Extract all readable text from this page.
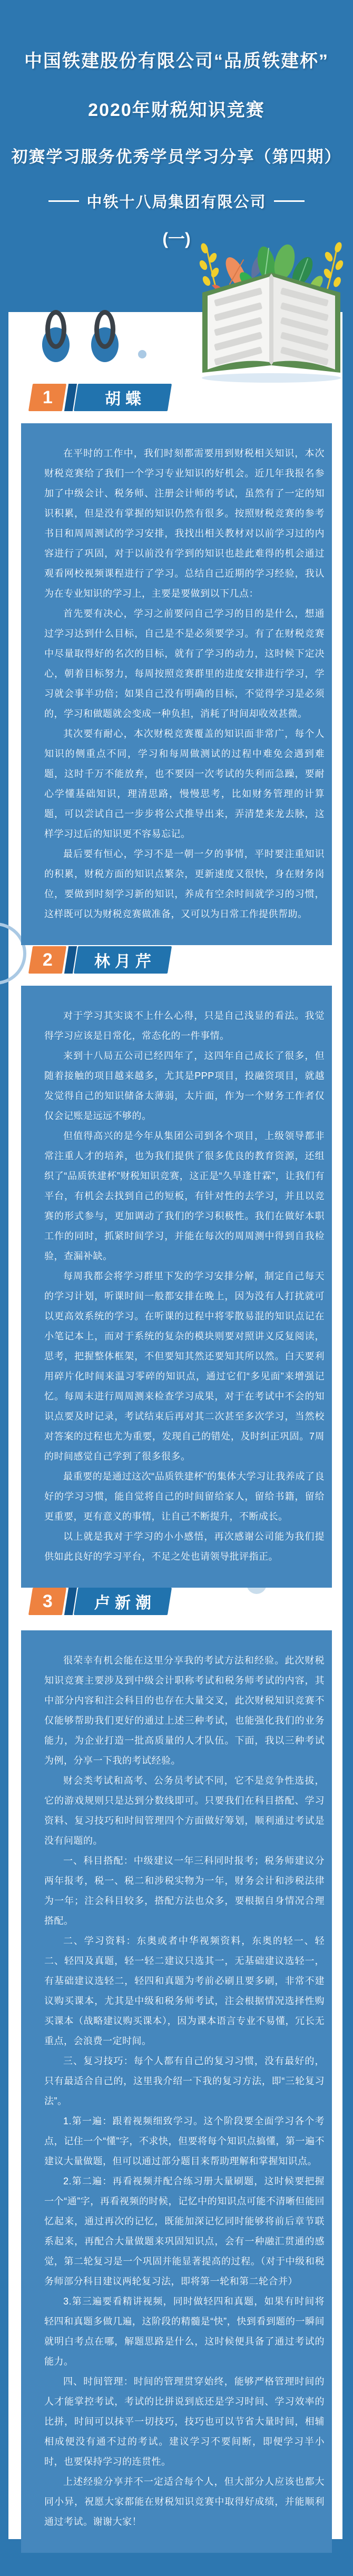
中国铁建股份有限公司“品质铁建杯”
2020年财税知识竞赛
初赛学习服务优秀学员学习分享（第四期）
中铁十八局集团有限公司
(一)
1	胡蝶

在平时的工作中，我们时刻都需要用到财税相关知识，本次财税竞赛给了我们一个学习专业知识的好机会。近几年我报名参加了中级会计、税务师、注册会计师的考试，虽然有了一定的知识积累，但是没有掌握的知识仍然有很多。按照财税竞赛的参考书目和周周测试的学习安排，我找出相关教材对以前学习过的内容进行了巩固，对于以前没有学到的知识也趁此难得的机会通过观看网校视频课程进行了学习。总结自己近期的学习经验，我认为在专业知识的学习上，主要是要做到以下几点：

首先要有决心，学习之前要问自己学习的目的是什么，想通过学习达到什么目标，自己是不是必须要学习。有了在财税竞赛中尽量取得好的名次的目标，就有了学习的动力，这时候下定决心，朝着目标努力，每周按照竞赛群里的进度安排进行学习，学习就会事半功倍；如果自己没有明确的目标，不觉得学习是必须的，学习和做题就会变成一种负担，消耗了时间却收效甚微。

其次要有耐心，本次财税竞赛覆盖的知识面非常广，每个人知识的侧重点不同，学习和每周做测试的过程中难免会遇到难题，这时千万不能放弃，也不要因一次考试的失利而急躁，要耐心学懂基础知识，理清思路，慢慢思考，比如财务管理的计算题，可以尝试自己一步步将公式推导出来，弄清楚来龙去脉，这样学习过后的知识更不容易忘记。

最后要有恒心，学习不是一朝一夕的事情，平时要注重知识的积累，财税方面的知识点繁杂，更新速度又很快，身在财务岗位，要做到时刻学习新的知识，养成有空余时间就学习的习惯，这样既可以为财税竞赛做准备，又可以为日常工作提供帮助。

2	林月芹

对于学习其实谈不上什么心得，只是自己浅显的看法。我觉得学习应该是日常化，常态化的一件事情。

来到十八局五公司已经四年了，这四年自己成长了很多，但随着接触的项目越来越多，尤其是PPP项目，投融资项目，就越发觉得自己的知识储备太薄弱，太片面，作为一个财务工作者仅仅会记账是远远不够的。

但值得高兴的是今年从集团公司到各个项目，上级领导都非常注重人才的培养，也为我们提供了很多优良的教育资源，还组织了“品质铁建杯”财税知识竞赛，这正是“久旱逢甘霖”，让我们有平台，有机会去找到自己的短板，有针对性的去学习，并且以竞赛的形式参与，更加调动了我们的学习积极性。我们在做好本职工作的同时，抓紧时间学习，并能在每次的周周测中得到自我检验，查漏补缺。

每周我都会将学习群里下发的学习安排分解，制定自己每天的学习计划，听课时间一般都安排在晚上，因为没有人打扰就可以更高效系统的学习。在听课的过程中将零散易混的知识点记在小笔记本上，而对于系统的复杂的模块则要对照讲义反复阅读，思考，把握整体框架，不但要知其然还要知其所以然。白天要利用碎片化时间来温习零碎的知识点，通过它们“多见面”来增强记忆。每周末进行周周测来检查学习成果，对于在考试中不会的知识点要及时记录，考试结束后再对其二次甚至多次学习，当然校对答案的过程也尤为重要，发现自己的错处，及时纠正巩固。7周的时间感觉自己学到了很多很多。

最重要的是通过这次“品质铁建杯”的集体大学习让我养成了良好的学习习惯，能自觉将自己的时间留给家人，留给书籍，留给更重要，更有意义的事情，让自己不断提升，不断成长。

以上就是我对于学习的小小感悟，再次感谢公司能为我们提供如此良好的学习平台，不足之处也请领导批评指正。

3	卢新潮

很荣幸有机会能在这里分享我的考试方法和经验。此次财税知识竞赛主要涉及到中级会计职称考试和税务师考试的内容，其中部分内容和注会科目的也存在大量交叉，此次财税知识竞赛不仅能够帮助我们更好的通过上述三种考试，也能强化我们的业务能力，为企业打造一批高质量的人才队伍。下面，我以三种考试为例，分享一下我的考试经验。

财会类考试和高考、公务员考试不同，它不是竞争性选拔，它的游戏规则只是达到分数线即可。只要我们在科目搭配、学习资料、复习技巧和时间管理四个方面做好筹划，顺利通过考试是没有问题的。

一、科目搭配：中级建议一年三科同时报考；税务师建议分两年报考，税一、税二和涉税实物为一年，财务会计和涉税法律为一年；注会科目较多，搭配方法也众多，要根据自身情况合理搭配。

二、学习资料：东奥或者中华视频资料，东奥的轻一、轻二、轻四及真题，轻一轻二建议只选其一，无基础建议选轻一，有基础建议选轻二，轻四和真题为考前必刷且要多刷，非常不建议购买课本，尤其是中级和税务师考试，注会根据情况选择性购买课本（战略建议购买课本），因为课本语言专业不易懂，冗长无重点，会浪费一定时间。

三、复习技巧：每个人都有自己的复习习惯，没有最好的，只有最适合自己的，这里我介绍一下我的复习方法，即“三轮复习法”。

1.第一遍：跟着视频细致学习。这个阶段要全面学习各个考点，记住一个“懂”字，不求快，但要将每个知识点搞懂，第一遍不建议大量做题，但可以通过部分题目来帮助理解和掌握知识点。

2.第二遍：再看视频并配合练习册大量刷题，这时候要把握一个“通”字，再看视频的时候，记忆中的知识点可能不清晰但能回忆起来，通过再次的记忆，既能加深记忆同时能够将前后章节联系起来，再配合大量做题来巩固知识点，会有一种融汇贯通的感觉，第二轮复习是一个巩固并能显著提高的过程。（对于中级和税务师部分科目建议两轮复习法，即将第一轮和第二轮合并）

3.第三遍要看精讲视频，同时做轻四和真题，如果有时间将轻四和真题多做几遍，这阶段的精髓是“快”，快到看到题的一瞬间就明白考点在哪，解题思路是什么，这时候便具备了通过考试的能力。

四、时间管理：时间的管理贯穿始终，能够严格管理时间的人才能掌控考试，考试的比拼说到底还是学习时间、学习效率的比拼，时间可以抹平一切技巧，技巧也可以节省大量时间，相辅相成便没有通不过的考试。建议学习不要间断，即便学习半小时，也要保持学习的连贯性。

上述经验分享并不一定适合每个人，但大部分人应该也都大同小异，祝愿大家都能在财税知识竞赛中取得好成绩，并能顺利通过考试。谢谢大家！
